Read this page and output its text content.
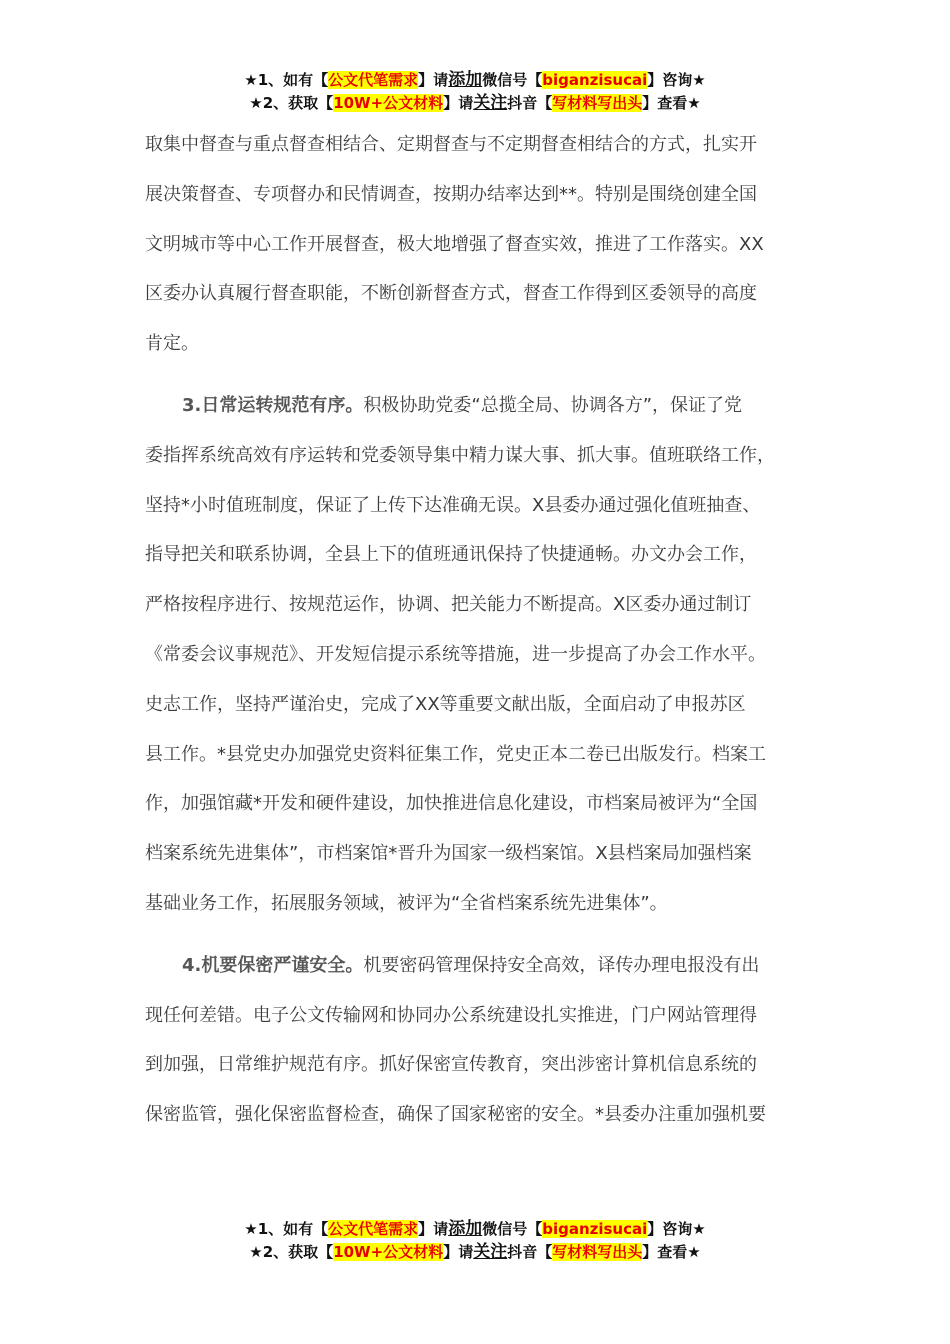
★1、如有【公文代笔需求】请添加微信号【biganzisucai】咨询★
★2、获取【10W+公文材料】请关注抖音【写材料写出头】查看★
取集中督查与重点督查相结合、定期督查与不定期督查相结合的方式，扎实开
展决策督查、专项督办和民情调查，按期办结率达到**。特别是围绕创建全国
文明城市等中心工作开展督查，极大地增强了督查实效，推进了工作落实。XX
区委办认真履行督查职能，不断创新督查方式，督查工作得到区委领导的高度
肯定。
3.日常运转规范有序。积极协助党委“总揽全局、协调各方”，保证了党
委指挥系统高效有序运转和党委领导集中精力谋大事、抓大事。值班联络工作，
坚持*小时值班制度，保证了上传下达准确无误。X县委办通过强化值班抽查、
指导把关和联系协调，全县上下的值班通讯保持了快捷通畅。办文办会工作，
严格按程序进行、按规范运作，协调、把关能力不断提高。X区委办通过制订
《常委会议事规范》、开发短信提示系统等措施，进一步提高了办会工作水平。
史志工作，坚持严谨治史，完成了XX等重要文献出版，全面启动了申报苏区
县工作。*县党史办加强党史资料征集工作，党史正本二卷已出版发行。档案工
作，加强馆藏*开发和硬件建设，加快推进信息化建设，市档案局被评为“全国
档案系统先进集体”，市档案馆*晋升为国家一级档案馆。X县档案局加强档案
基础业务工作，拓展服务领域，被评为“全省档案系统先进集体”。
4.机要保密严谨安全。机要密码管理保持安全高效，译传办理电报没有出
现任何差错。电子公文传输网和协同办公系统建设扎实推进，门户网站管理得
到加强，日常维护规范有序。抓好保密宣传教育，突出涉密计算机信息系统的
保密监管，强化保密监督检查，确保了国家秘密的安全。*县委办注重加强机要
★1、如有【公文代笔需求】请添加微信号【biganzisucai】咨询★
★2、获取【10W+公文材料】请关注抖音【写材料写出头】查看★
